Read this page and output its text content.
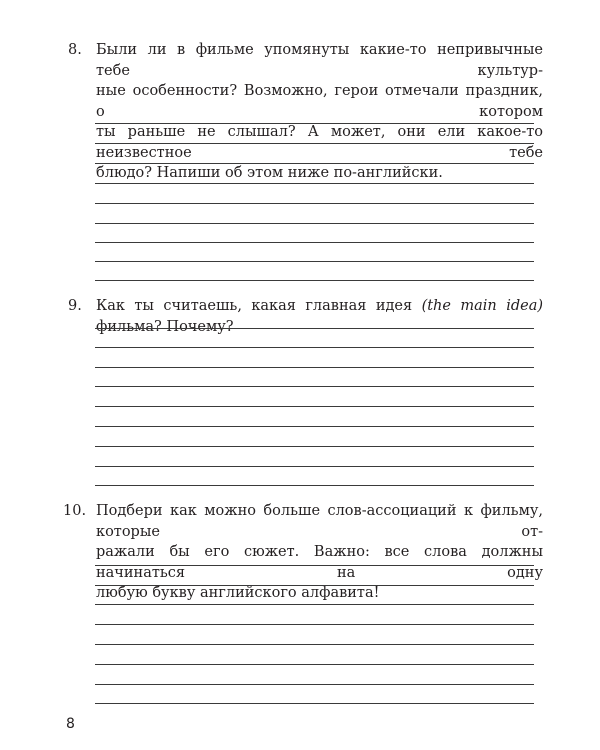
8. Были ли в фильме упомянуты какие-то непривычные тебе культур-
ные особенности? Возможно, герои отмечали праздник, о котором
ты раньше не слышал? А может, они ели какое-то неизвестное тебе
блюдо? Напиши об этом ниже по-английски.
9. Как ты считаешь, какая главная идея (the main idea) фильма? Почему?
10. Подбери как можно больше слов-ассоциаций к фильму, которые от-
ражали бы его сюжет. Важно: все слова должны начинаться на одну
любую букву английского алфавита!
8
